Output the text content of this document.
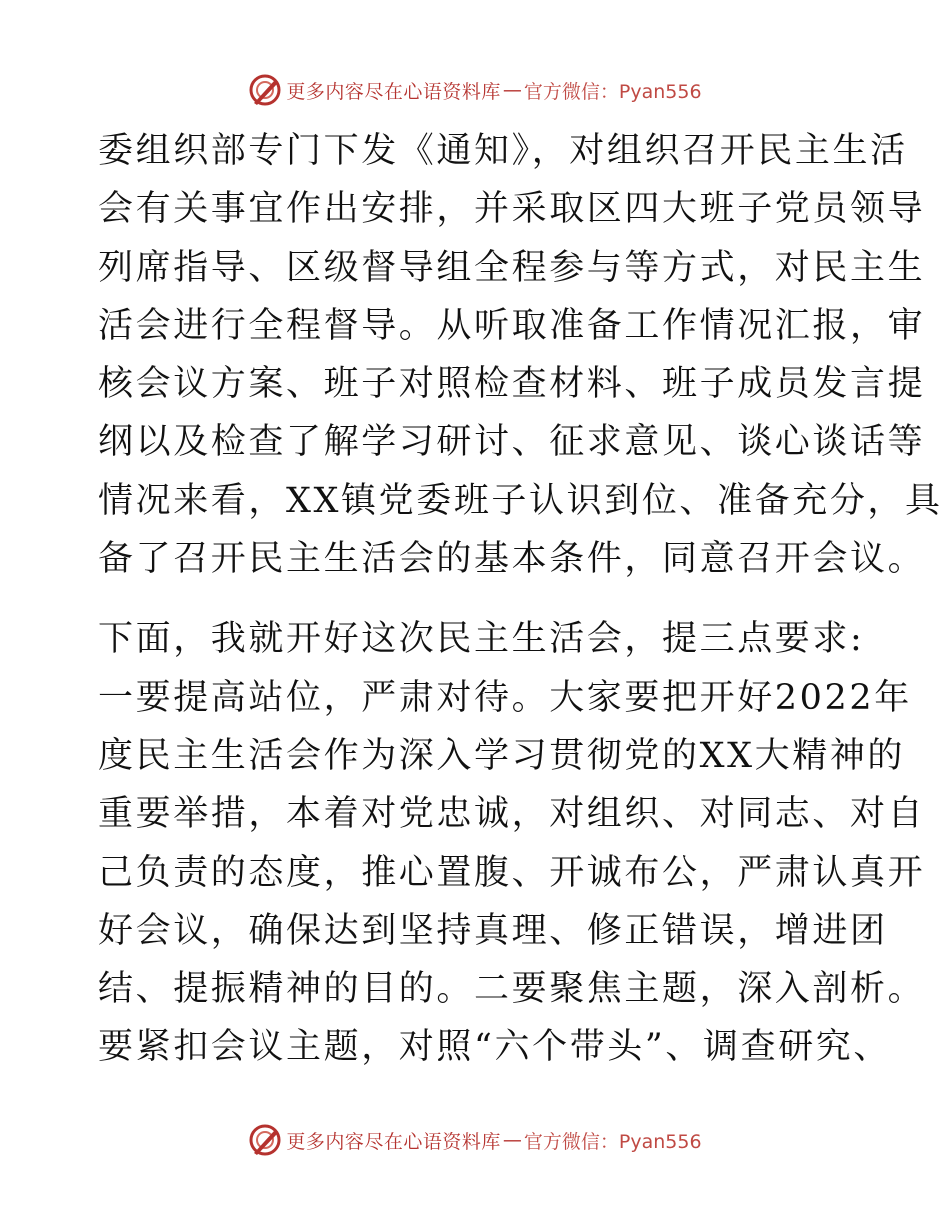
更多内容尽在心语资料库 — 官方微信：Pyan556
委组织部专门下发《通知》，对组织召开民主生活
会有关事宜作出安排，并采取区四大班子党员领导
列席指导、区级督导组全程参与等方式，对民主生
活会进行全程督导。从听取准备工作情况汇报，审
核会议方案、班子对照检查材料、班子成员发言提
纲以及检查了解学习研讨、征求意见、谈心谈话等
情况来看，XX镇党委班子认识到位、准备充分，具
备了召开民主生活会的基本条件，同意召开会议。
下面，我就开好这次民主生活会，提三点要求:
一要提高站位，严肃对待。大家要把开好2022年
度民主生活会作为深入学习贯彻党的XX大精神的
重要举措，本着对党忠诚，对组织、对同志、对自
己负责的态度，推心置腹、开诚布公，严肃认真开
好会议，确保达到坚持真理、修正错误，增进团
结、提振精神的目的。二要聚焦主题，深入剖析。
要紧扣会议主题，对照“六个带头”、调查研究、
更多内容尽在心语资料库 — 官方微信：Pyan556
